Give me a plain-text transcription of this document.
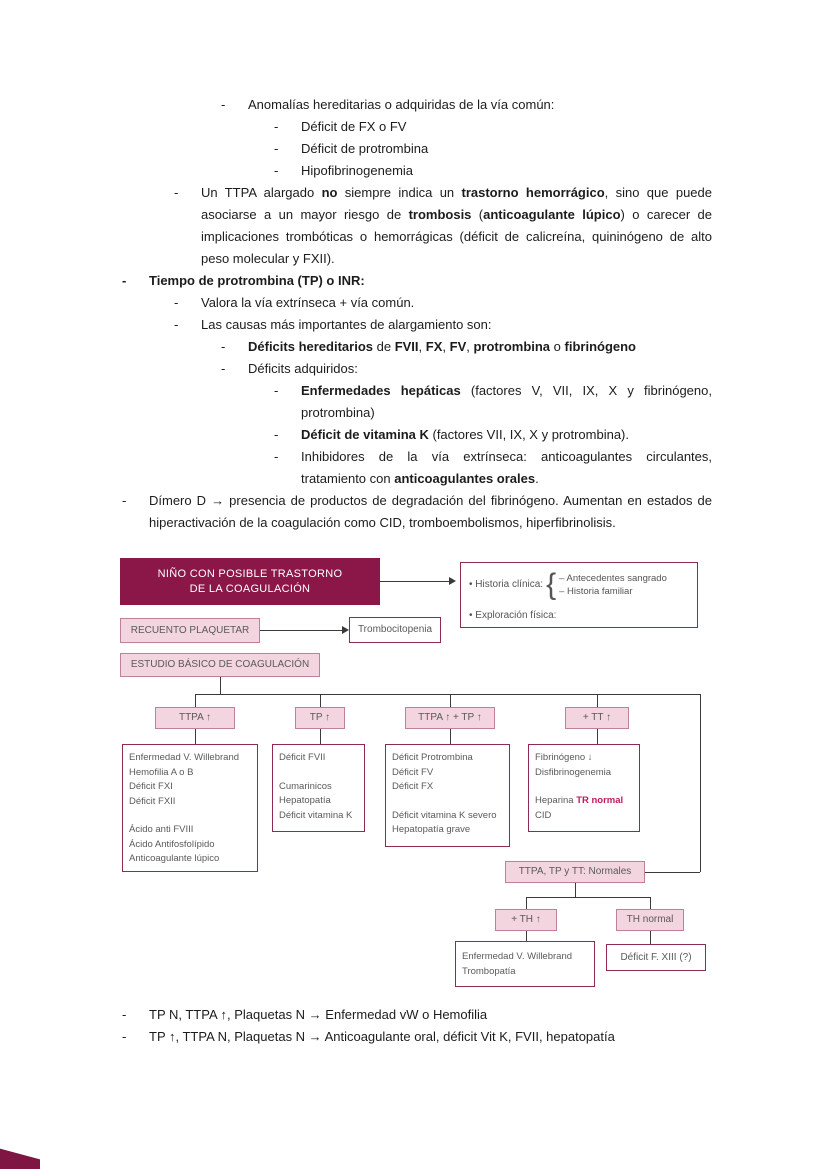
-	Anomalías hereditarias o adquiridas de la vía común:
-	Déficit de FX o FV
-	Déficit de protrombina
-	Hipofibrinogenemia
-	Un TTPA alargado no siempre indica un trastorno hemorrágico, sino que puede asociarse a un mayor riesgo de trombosis (anticoagulante lúpico) o carecer de implicaciones trombóticas o hemorrágicas (déficit de calicreína, quininógeno de alto peso molecular y FXII).
-	Tiempo de protrombina (TP) o INR:
-	Valora la vía extrínseca + vía común.
-	Las causas más importantes de alargamiento son:
-	Déficits hereditarios de FVII, FX, FV, protrombina o fibrinógeno
-	Déficits adquiridos:
-	Enfermedades hepáticas (factores V, VII, IX, X y fibrinógeno, protrombina)
-	Déficit de vitamina K (factores VII, IX, X y protrombina).
-	Inhibidores de la vía extrínseca: anticoagulantes circulantes, tratamiento con anticoagulantes orales.
-	Dímero D → presencia de productos de degradación del fibrinógeno. Aumentan en estados de hiperactivación de la coagulación como CID, tromboembolismos, hiperfibrinolisis.
NIÑO CON POSIBLE TRASTORNO
DE LA COAGULACIÓN	• Historia clínica: { – Antecedentes sangrado
– Historia familiar
• Exploración física:
RECUENTO PLAQUETAR	Trombocitopenia
ESTUDIO BÁSICO DE COAGULACIÓN
TTPA ↑	TP ↑	TTPA ↑ + TP ↑	+ TT ↑
Enfermedad V. Willebrand
Hemofilia A o B
Déficit FXI
Déficit FXII
Ácido anti FVIII
Ácido Antifosfolípido
Anticoagulante lúpico
Déficit FVII
Cumarinicos
Hepatopatía
Déficit vitamina K
Déficit Protrombina
Déficit FV
Déficit FX
Déficit vitamina K severo
Hepatopatía grave
Fibrinógeno ↓
Disfibrinogenemia
Heparina TR normal
CID
TTPA, TP y TT: Normales
+ TH ↑	TH normal
Enfermedad V. Willebrand
Trombopatía
Déficit F. XIII (?)
-	TP N, TTPA ↑, Plaquetas N → Enfermedad vW o Hemofilia
-	TP ↑, TTPA N, Plaquetas N → Anticoagulante oral, déficit Vit K, FVII, hepatopatía
